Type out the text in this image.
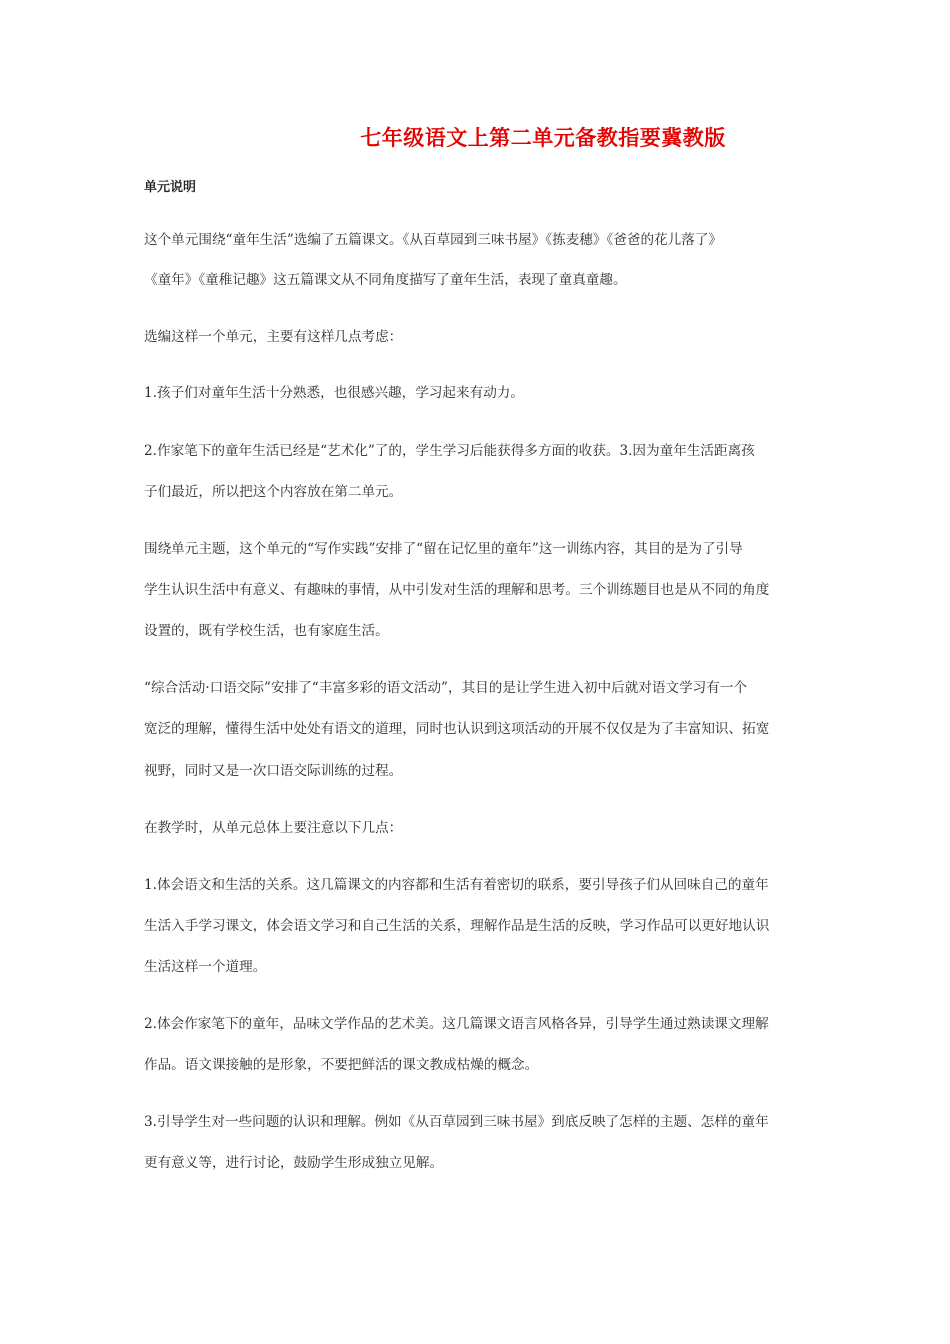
七年级语文上第二单元备教指要冀教版
单元说明
这个单元围绕“童年生活”选编了五篇课文。《从百草园到三味书屋》《拣麦穗》《爸爸的花儿落了》
《童年》《童稚记趣》这五篇课文从不同角度描写了童年生活，表现了童真童趣。
选编这样一个单元，主要有这样几点考虑：
1.孩子们对童年生活十分熟悉，也很感兴趣，学习起来有动力。
2.作家笔下的童年生活已经是“艺术化”了的，学生学习后能获得多方面的收获。3.因为童年生活距离孩
子们最近，所以把这个内容放在第二单元。
围绕单元主题，这个单元的“写作实践”安排了“留在记忆里的童年”这一训练内容，其目的是为了引导
学生认识生活中有意义、有趣味的事情，从中引发对生活的理解和思考。三个训练题目也是从不同的角度
设置的，既有学校生活，也有家庭生活。
“综合活动·口语交际”安排了“丰富多彩的语文活动”，其目的是让学生进入初中后就对语文学习有一个
宽泛的理解，懂得生活中处处有语文的道理，同时也认识到这项活动的开展不仅仅是为了丰富知识、拓宽
视野，同时又是一次口语交际训练的过程。
在教学时，从单元总体上要注意以下几点：
1.体会语文和生活的关系。这几篇课文的内容都和生活有着密切的联系，要引导孩子们从回味自己的童年
生活入手学习课文，体会语文学习和自己生活的关系，理解作品是生活的反映，学习作品可以更好地认识
生活这样一个道理。
2.体会作家笔下的童年，品味文学作品的艺术美。这几篇课文语言风格各异，引导学生通过熟读课文理解
作品。语文课接触的是形象，不要把鲜活的课文教成枯燥的概念。
3.引导学生对一些问题的认识和理解。例如《从百草园到三味书屋》到底反映了怎样的主题、怎样的童年
更有意义等，进行讨论，鼓励学生形成独立见解。
